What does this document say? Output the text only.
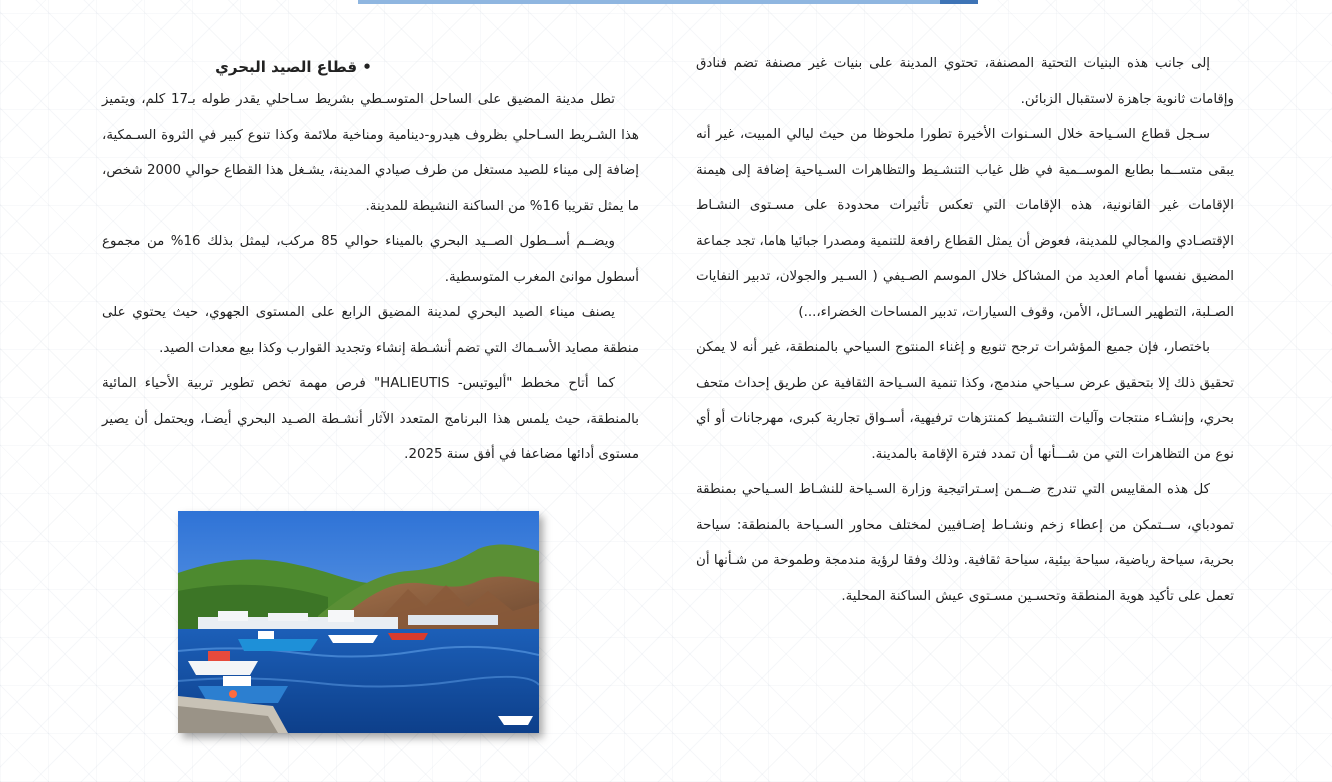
إلى جانب هذه البنيات التحتية المصنفة، تحتوي المدينة على بنيات غير مصنفة تضم فنادق وإقامات ثانوية جاهزة لاستقبال الزبائن.

سـجل قطاع السـياحة خلال السـنوات الأخيرة تطورا ملحوظا من حيث ليالي المبيت، غير أنه يبقى متســما بطابع الموســمية في ظل غياب التنشـيط والتظاهرات السـياحية إضافة إلى هيمنة الإقامات غير القانونية، هذه الإقامات التي تعكس تأثيرات محدودة على مسـتوى النشـاط الإقتصـادي والمجالي للمدينة، فعوض أن يمثل القطاع رافعة للتنمية ومصدرا جبائيا هاما، تجد جماعة المضيق نفسها أمام العديد من المشاكل خلال الموسم الصـيفي ( السـير والجولان، تدبير النفايات الصـلبة، التطهير السـائل، الأمن، وقوف السيارات، تدبير المساحات الخضراء،...)

باختصار، فإن جميع المؤشرات ترجح تنويع و إغناء المنتوج السياحي بالمنطقة، غير أنه لا يمكن تحقيق ذلك إلا بتحقيق عرض سـياحي مندمج، وكذا تنمية السـياحة الثقافية عن طريق إحداث متحف بحري، وإنشـاء منتجات وآليات التنشـيط كمنتزهات ترفيهية، أسـواق تجارية كبرى، مهرجانات أو أي نوع من التظاهرات التي من شـــأنها أن تمدد فترة الإقامة بالمدينة.

كل هذه المقاييس التي تندرج ضــمن إسـتراتيجية وزارة السـياحة للنشـاط السـياحي بمنطقة تمودباي، ســتمكن من إعطاء زخم ونشـاط إضـافيين لمختلف محاور السـياحة بالمنطقة: سياحة بحرية، سياحة رياضية، سياحة بيئية، سياحة ثقافية. وذلك وفقا لرؤية مندمجة وطموحة من شـأنها أن تعمل على تأكيد هوية المنطقة وتحسـين مسـتوى عيش الساكنة المحلية.

• قطاع الصيد البحري

تطل مدينة المضيق على الساحل المتوسـطي بشريط سـاحلي يقدر طوله بـ17 كلم، ويتميز هذا الشـريط السـاحلي بظروف هيدرو-دينامية ومناخية ملائمة وكذا تنوع كبير في الثروة السـمكية، إضافة إلى ميناء للصيد مستغل من طرف صيادي المدينة، يشـغل هذا القطاع حوالي 2000 شخص، ما يمثل تقريبا 16% من الساكنة النشيطة للمدينة.

ويضــم أســطول الصــيد البحري بالميناء حوالي 85 مركب، ليمثل بذلك 16% من مجموع أسطول موانئ المغرب المتوسطية.

يصنف ميناء الصيد البحري لمدينة المضيق الرابع على المستوى الجهوي، حيث يحتوي على منطقة مصايد الأسـماك التي تضم أنشـطة إنشاء وتجديد القوارب وكذا بيع معدات الصيد.

كما أتاح مخطط "أليوتيس- HALIEUTIS" فرص مهمة تخص تطوير تربية الأحياء المائية بالمنطقة، حيث يلمس هذا البرنامج المتعدد الآثار أنشـطة الصـيد البحري أيضـا، ويحتمل أن يصير مستوى أدائها مضاعفا في أفق سنة 2025.
